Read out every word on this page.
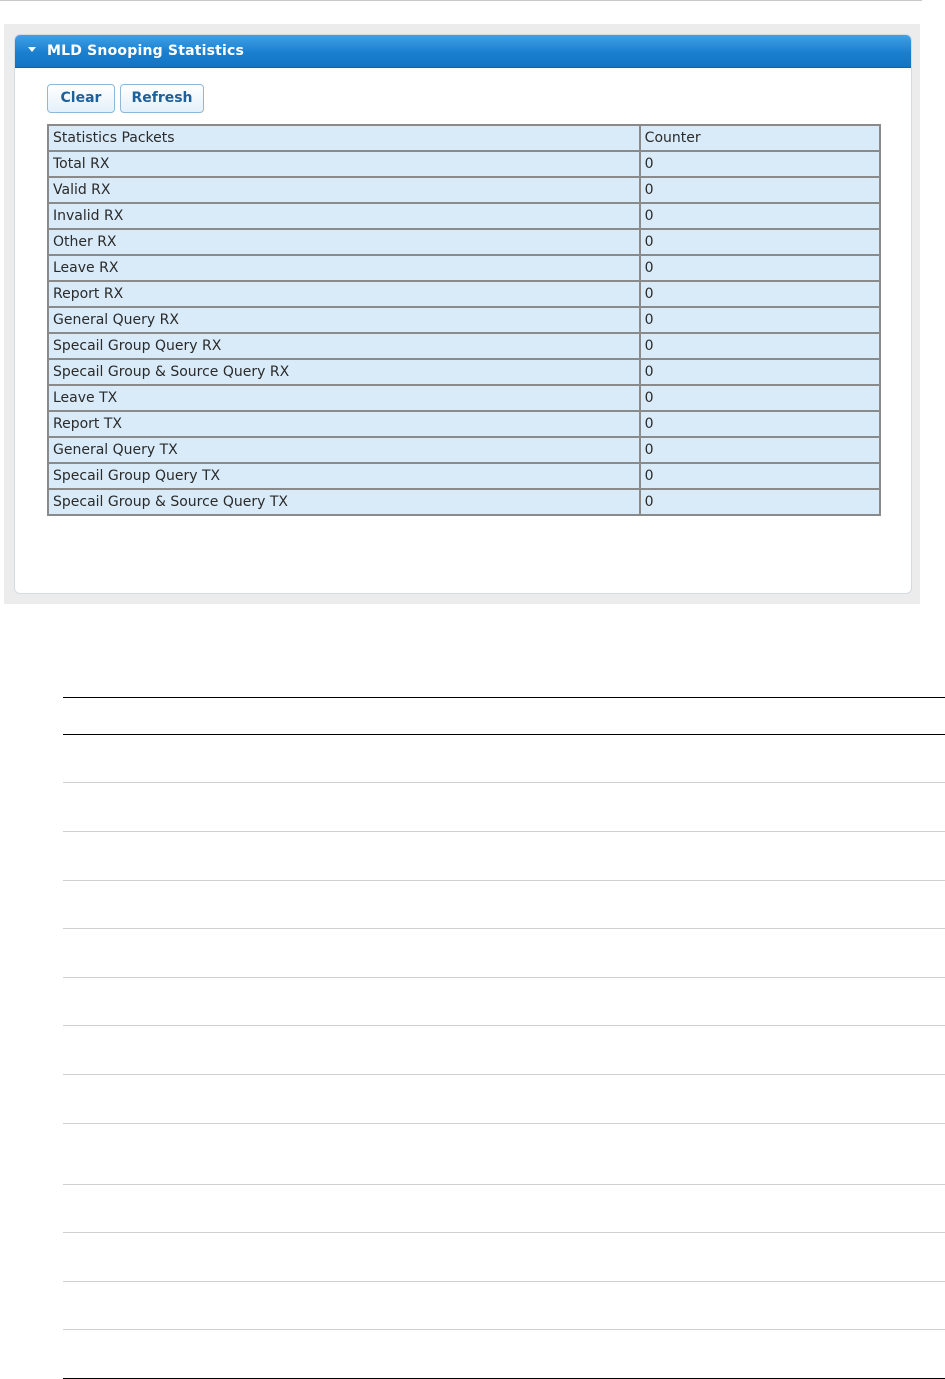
MLD Snooping Statistics
Clear	Refresh
Statistics Packets	Counter
Total RX	0
Valid RX	0
Invalid RX	0
Other RX	0
Leave RX	0
Report RX	0
General Query RX	0
Specail Group Query RX	0
Specail Group & Source Query RX	0
Leave TX	0
Report TX	0
General Query TX	0
Specail Group Query TX	0
Specail Group & Source Query TX	0
